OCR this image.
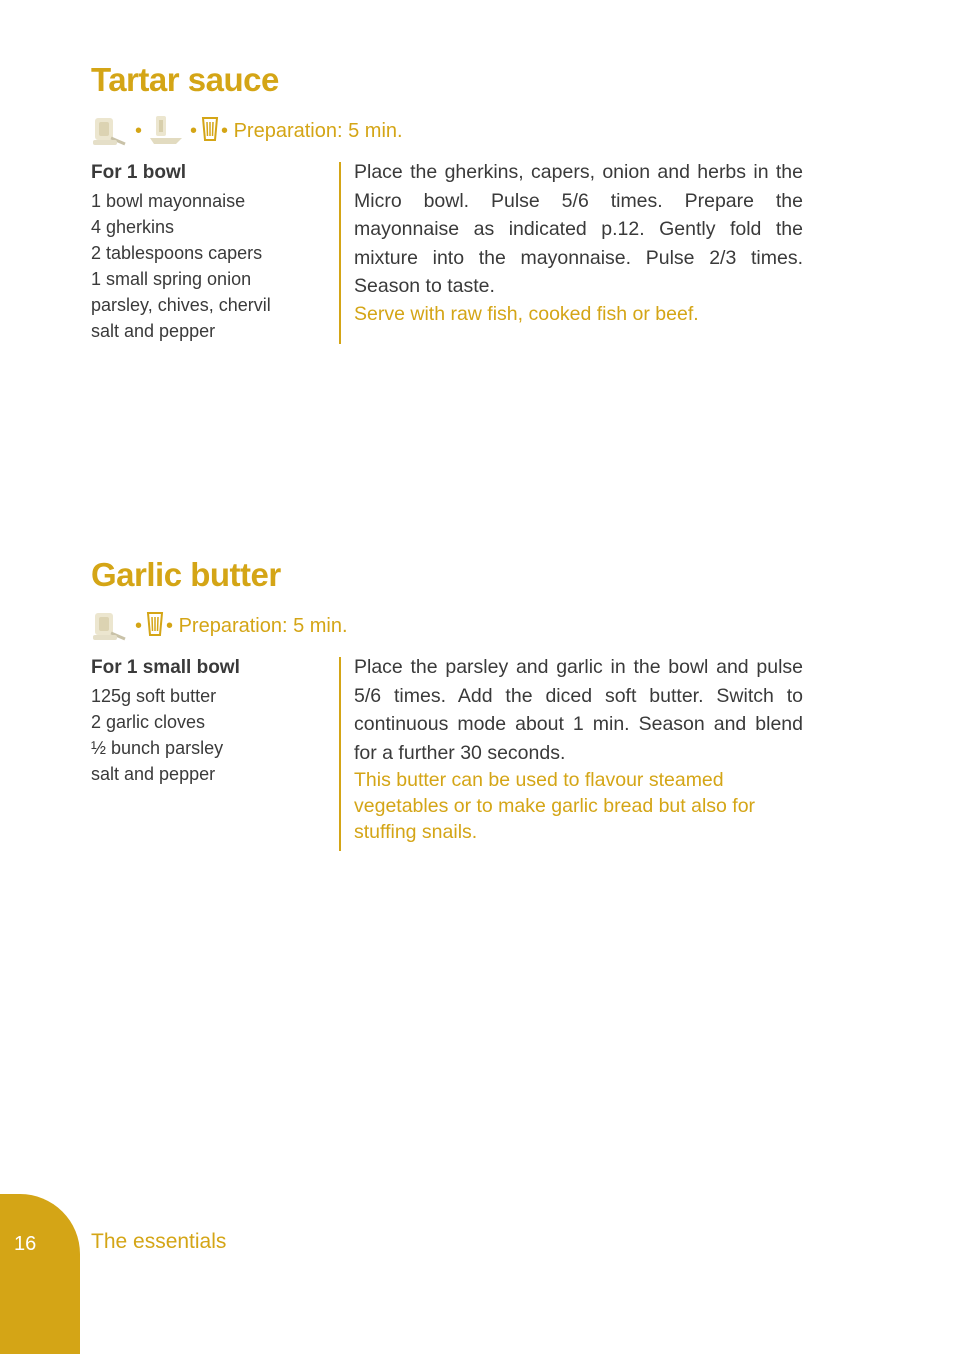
Tartar sauce
• • • Preparation: 5 min.
For 1 bowl
1 bowl mayonnaise
4 gherkins
2 tablespoons capers
1 small spring onion
parsley, chives, chervil
salt and pepper
Place the gherkins, capers, onion and herbs in the Micro bowl. Pulse 5/6 times. Prepare the mayonnaise as indicated p.12. Gently fold the mixture into the mayonnaise. Pulse 2/3 times. Season to taste.
Serve with raw fish, cooked fish or beef.
Garlic butter
• • Preparation: 5 min.
For 1 small bowl
125g soft butter
2 garlic cloves
½ bunch parsley
salt and pepper
Place the parsley and garlic in the bowl and pulse 5/6 times. Add the diced soft butter. Switch to continuous mode about 1 min. Season and blend for a further 30 seconds.
This butter can be used to flavour steamed vegetables or to make garlic bread but also for stuffing snails.
16	The essentials
